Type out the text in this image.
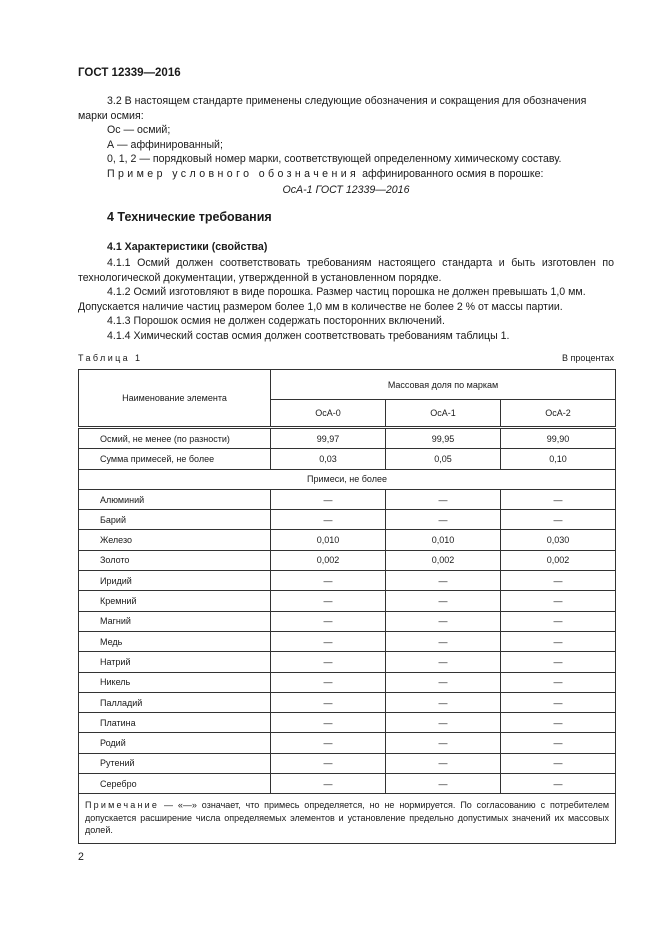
ГОСТ 12339—2016
3.2 В настоящем стандарте применены следующие обозначения и сокращения для обозначения
марки осмия:
Ос — осмий;
А — аффинированный;
0, 1, 2 — порядковый номер марки, соответствующей определенному химическому составу.
Пример условного обозначения аффинированного осмия в порошке:
ОсА-1 ГОСТ 12339—2016
4 Технические требования
4.1 Характеристики (свойства)
4.1.1 Осмий должен соответствовать требованиям настоящего стандарта и быть изготовлен по технологической документации, утвержденной в установленном порядке.
4.1.2 Осмий изготовляют в виде порошка. Размер частиц порошка не должен превышать 1,0 мм.
Допускается наличие частиц размером более 1,0 мм в количестве не более 2 % от массы партии.
4.1.3 Порошок осмия не должен содержать посторонних включений.
4.1.4 Химический состав осмия должен соответствовать требованиям таблицы 1.
Таблица 1	В процентах
Наименование элемента	Массовая доля по маркам		
	ОсА-0	ОсА-1	ОсА-2
Осмий, не менее (по разности)	99,97	99,95	99,90
Сумма примесей, не более	0,03	0,05	0,10
Примеси, не более			
Алюминий	—	—	—
Барий	—	—	—
Железо	0,010	0,010	0,030
Золото	0,002	0,002	0,002
Иридий	—	—	—
Кремний	—	—	—
Магний	—	—	—
Медь	—	—	—
Натрий	—	—	—
Никель	—	—	—
Палладий	—	—	—
Платина	—	—	—
Родий	—	—	—
Рутений	—	—	—
Серебро	—	—	—
Примечание — «—» означает, что примесь определяется, но не нормируется. По согласованию с потребителем допускается расширение числа определяемых элементов и установление предельно допустимых значений их массовых долей.			
2
